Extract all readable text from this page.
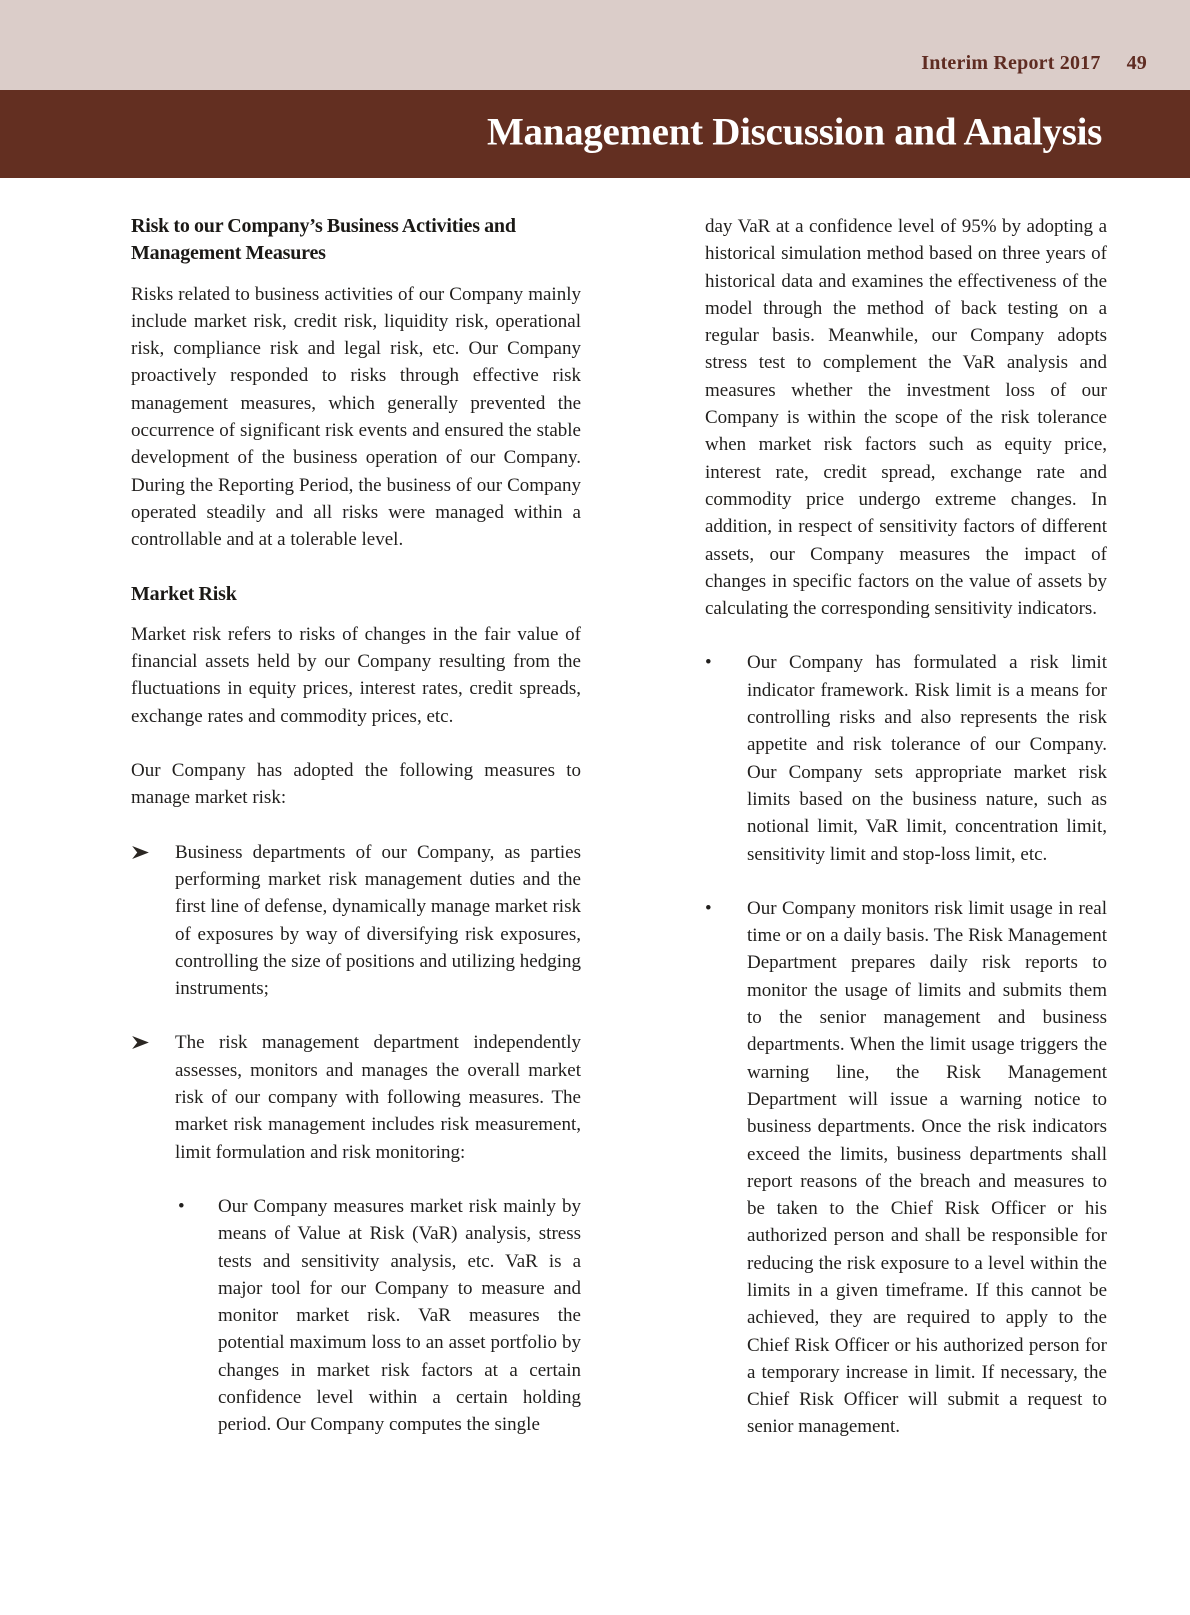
Interim Report 2017 49
Management Discussion and Analysis
Risk to our Company’s Business Activities and Management Measures

Risks related to business activities of our Company mainly include market risk, credit risk, liquidity risk, operational risk, compliance risk and legal risk, etc. Our Company proactively responded to risks through effective risk management measures, which generally prevented the occurrence of significant risk events and ensured the stable development of the business operation of our Company. During the Reporting Period, the business of our Company operated steadily and all risks were managed within a controllable and at a tolerable level.

Market Risk

Market risk refers to risks of changes in the fair value of financial assets held by our Company resulting from the fluctuations in equity prices, interest rates, credit spreads, exchange rates and commodity prices, etc.

Our Company has adopted the following measures to manage market risk:

Business departments of our Company, as parties performing market risk management duties and the first line of defense, dynamically manage market risk of exposures by way of diversifying risk exposures, controlling the size of positions and utilizing hedging instruments;
The risk management department independently assesses, monitors and manages the overall market risk of our company with following measures. The market risk management includes risk measurement, limit formulation and risk monitoring:
• Our Company measures market risk mainly by means of Value at Risk (VaR) analysis, stress tests and sensitivity analysis, etc. VaR is a major tool for our Company to measure and monitor market risk. VaR measures the potential maximum loss to an asset portfolio by changes in market risk factors at a certain confidence level within a certain holding period. Our Company computes the single

day VaR at a confidence level of 95% by adopting a historical simulation method based on three years of historical data and examines the effectiveness of the model through the method of back testing on a regular basis. Meanwhile, our Company adopts stress test to complement the VaR analysis and measures whether the investment loss of our Company is within the scope of the risk tolerance when market risk factors such as equity price, interest rate, credit spread, exchange rate and commodity price undergo extreme changes. In addition, in respect of sensitivity factors of different assets, our Company measures the impact of changes in specific factors on the value of assets by calculating the corresponding sensitivity indicators.

• Our Company has formulated a risk limit indicator framework. Risk limit is a means for controlling risks and also represents the risk appetite and risk tolerance of our Company. Our Company sets appropriate market risk limits based on the business nature, such as notional limit, VaR limit, concentration limit, sensitivity limit and stop-loss limit, etc.
• Our Company monitors risk limit usage in real time or on a daily basis. The Risk Management Department prepares daily risk reports to monitor the usage of limits and submits them to the senior management and business departments. When the limit usage triggers the warning line, the Risk Management Department will issue a warning notice to business departments. Once the risk indicators exceed the limits, business departments shall report reasons of the breach and measures to be taken to the Chief Risk Officer or his authorized person and shall be responsible for reducing the risk exposure to a level within the limits in a given timeframe. If this cannot be achieved, they are required to apply to the Chief Risk Officer or his authorized person for a temporary increase in limit. If necessary, the Chief Risk Officer will submit a request to senior management.
